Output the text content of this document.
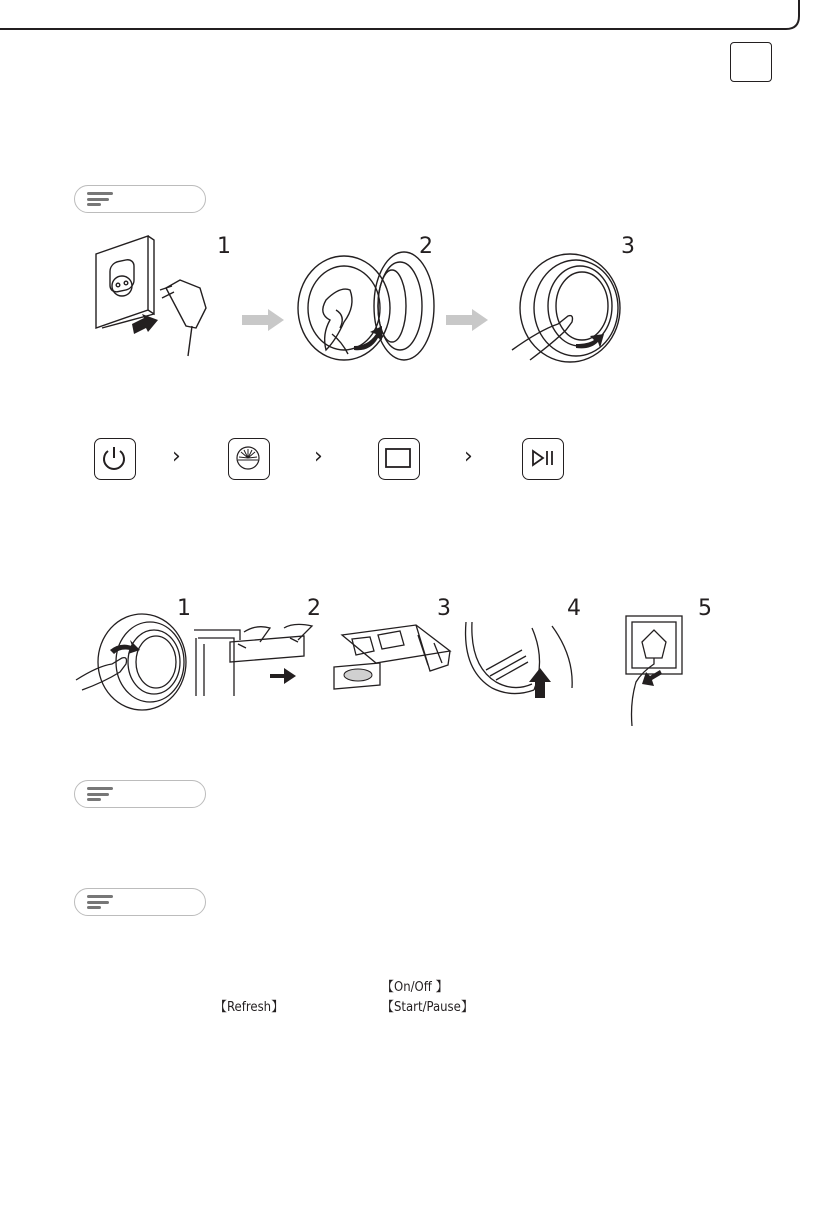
1	2	3
›	›	›
1	2	3	4	5
【On/Off 】
【Refresh】	【Start/Pause】
